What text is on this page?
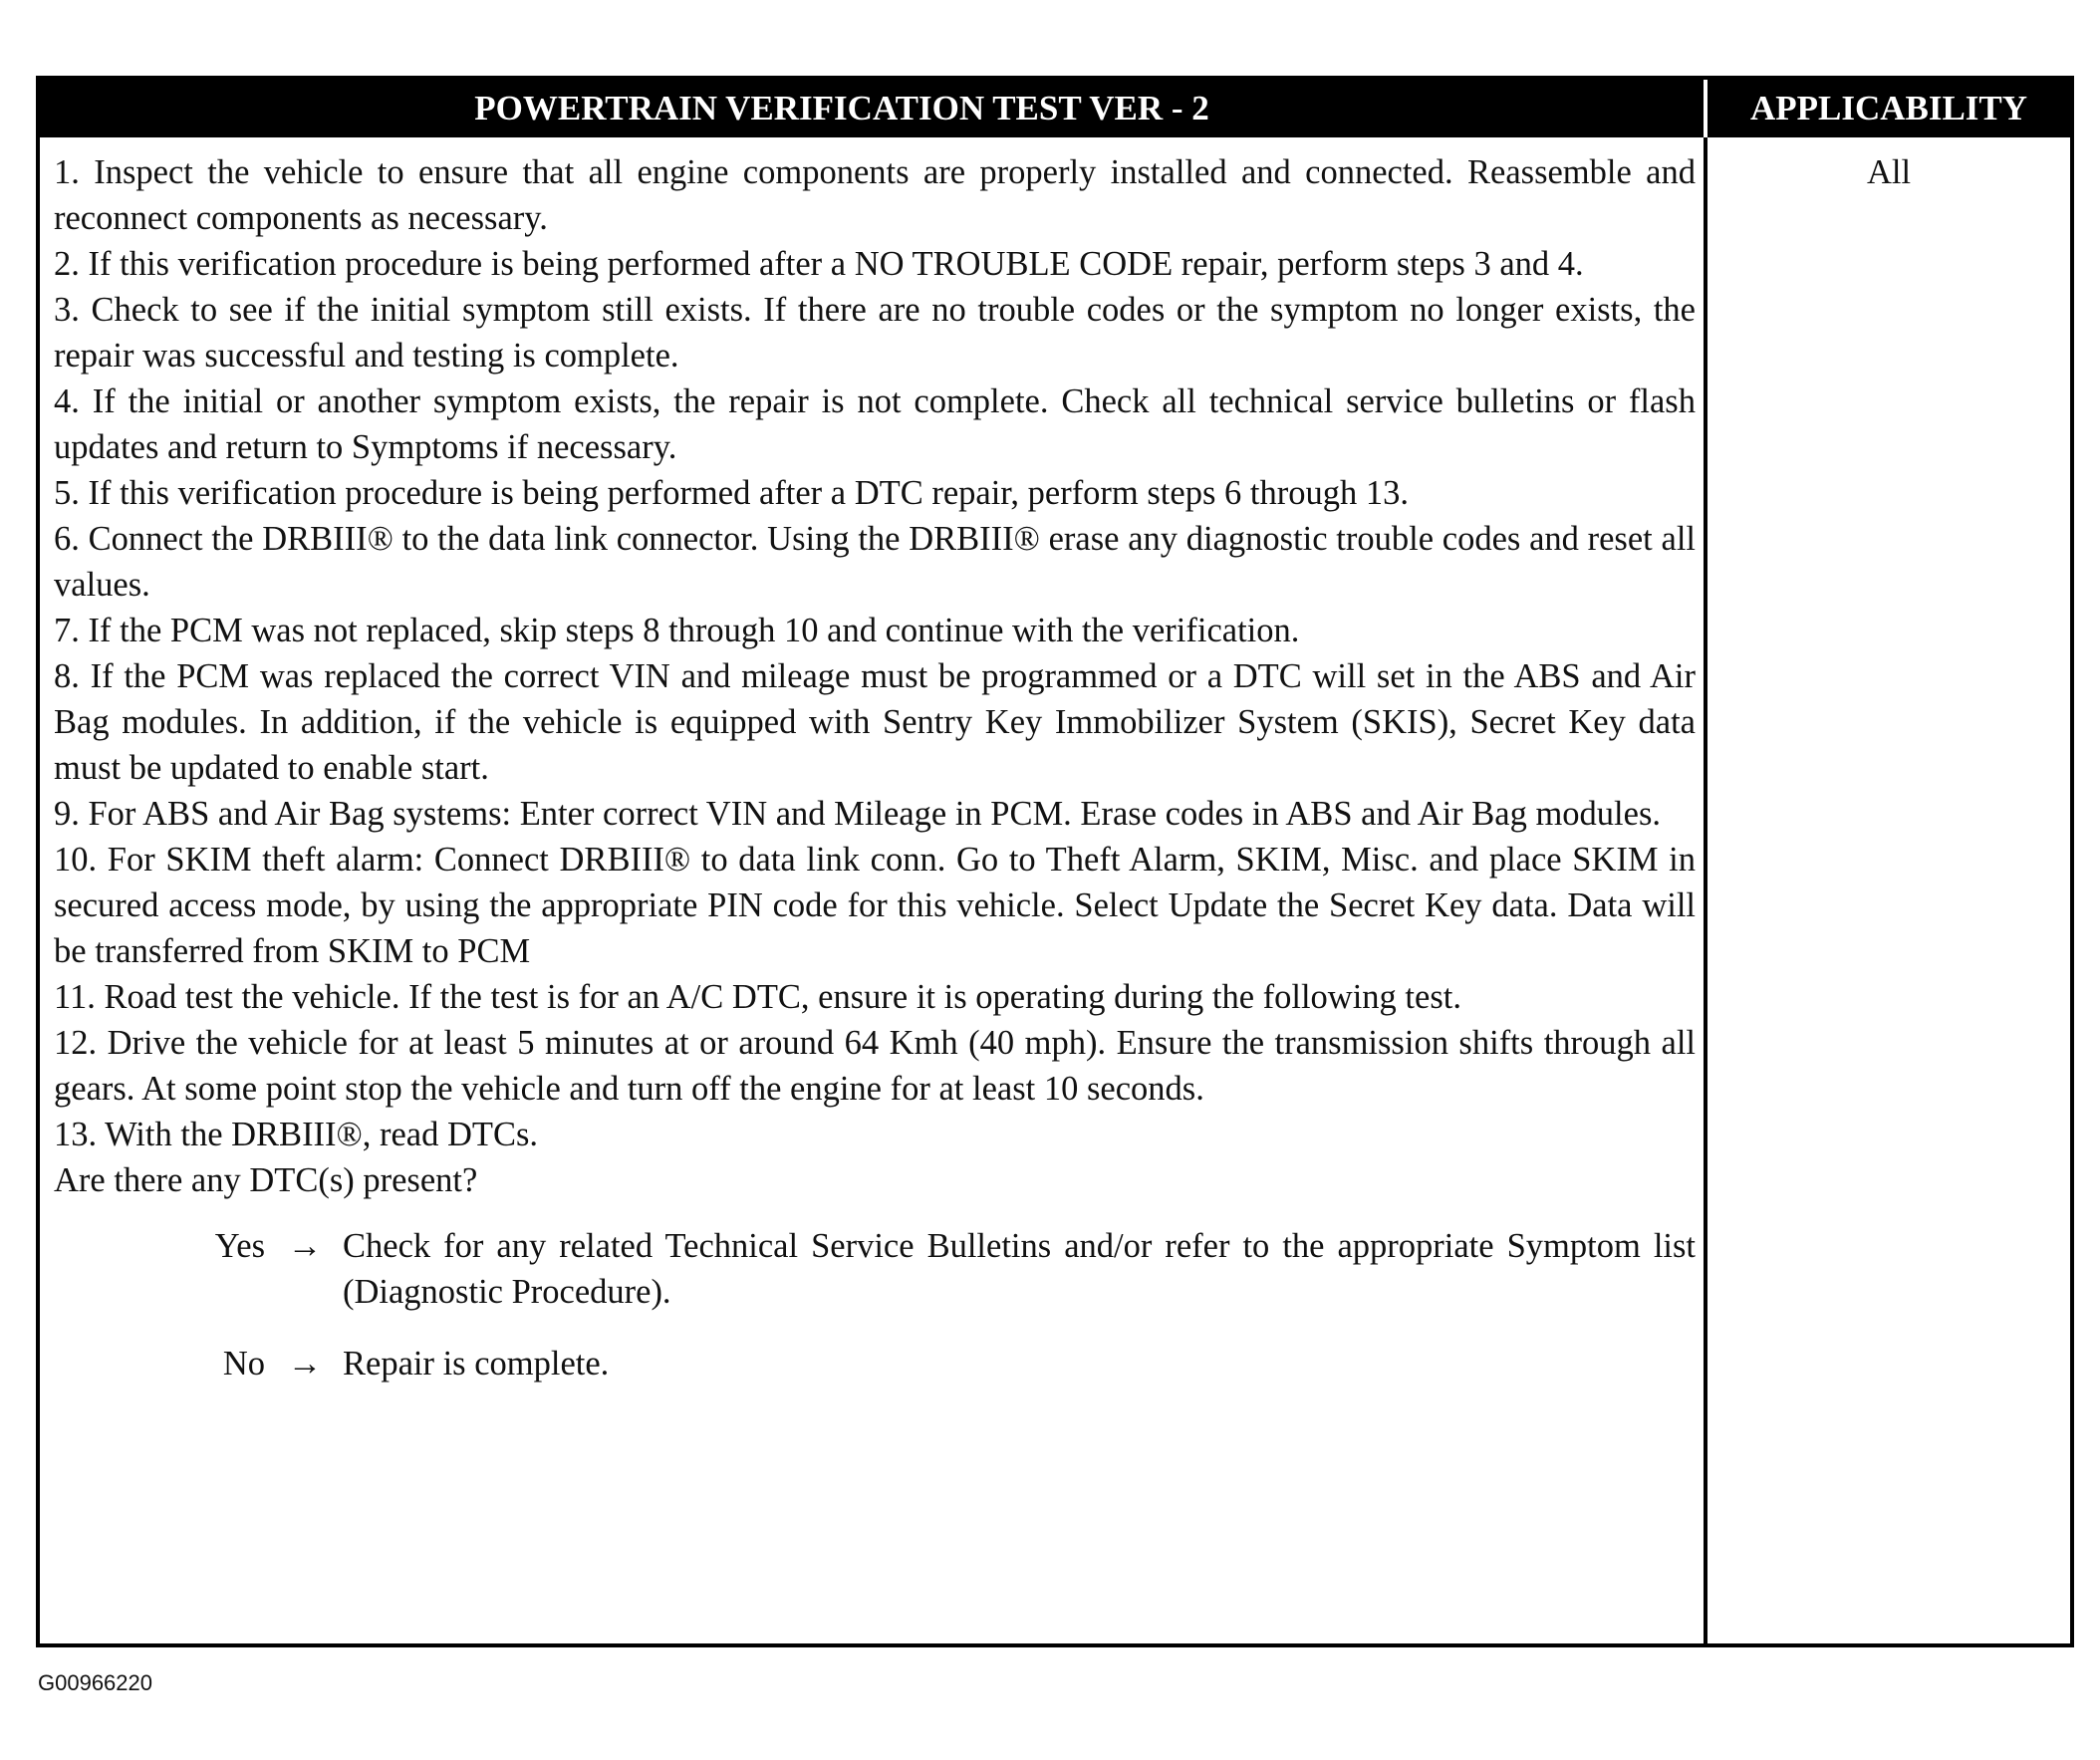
POWERTRAIN VERIFICATION TEST VER - 2	APPLICABILITY

1. Inspect the vehicle to ensure that all engine components are properly installed and connected. Reassemble and reconnect components as necessary.

2. If this verification procedure is being performed after a NO TROUBLE CODE repair, perform steps 3 and 4.

3. Check to see if the initial symptom still exists. If there are no trouble codes or the symptom no longer exists, the repair was successful and testing is complete.

4. If the initial or another symptom exists, the repair is not complete. Check all technical service bulletins or flash updates and return to Symptoms if necessary.

5. If this verification procedure is being performed after a DTC repair, perform steps 6 through 13.

6. Connect the DRBIII® to the data link connector. Using the DRBIII® erase any diagnostic trouble codes and reset all values.

7. If the PCM was not replaced, skip steps 8 through 10 and continue with the verification.

8. If the PCM was replaced the correct VIN and mileage must be programmed or a DTC will set in the ABS and Air Bag modules. In addition, if the vehicle is equipped with Sentry Key Immobilizer System (SKIS), Secret Key data must be updated to enable start.

9. For ABS and Air Bag systems: Enter correct VIN and Mileage in PCM. Erase codes in ABS and Air Bag modules.

10. For SKIM theft alarm: Connect DRBIII® to data link conn. Go to Theft Alarm, SKIM, Misc. and place SKIM in secured access mode, by using the appropriate PIN code for this vehicle. Select Update the Secret Key data. Data will be transferred from SKIM to PCM

11. Road test the vehicle. If the test is for an A/C DTC, ensure it is operating during the following test.

12. Drive the vehicle for at least 5 minutes at or around 64 Kmh (40 mph). Ensure the transmission shifts through all gears. At some point stop the vehicle and turn off the engine for at least 10 seconds.

13. With the DRBIII®, read DTCs.

Are there any DTC(s) present?

Yes → Check for any related Technical Service Bulletins and/or refer to the appropriate Symptom list (Diagnostic Procedure).
No → Repair is complete.
All
G00966220
